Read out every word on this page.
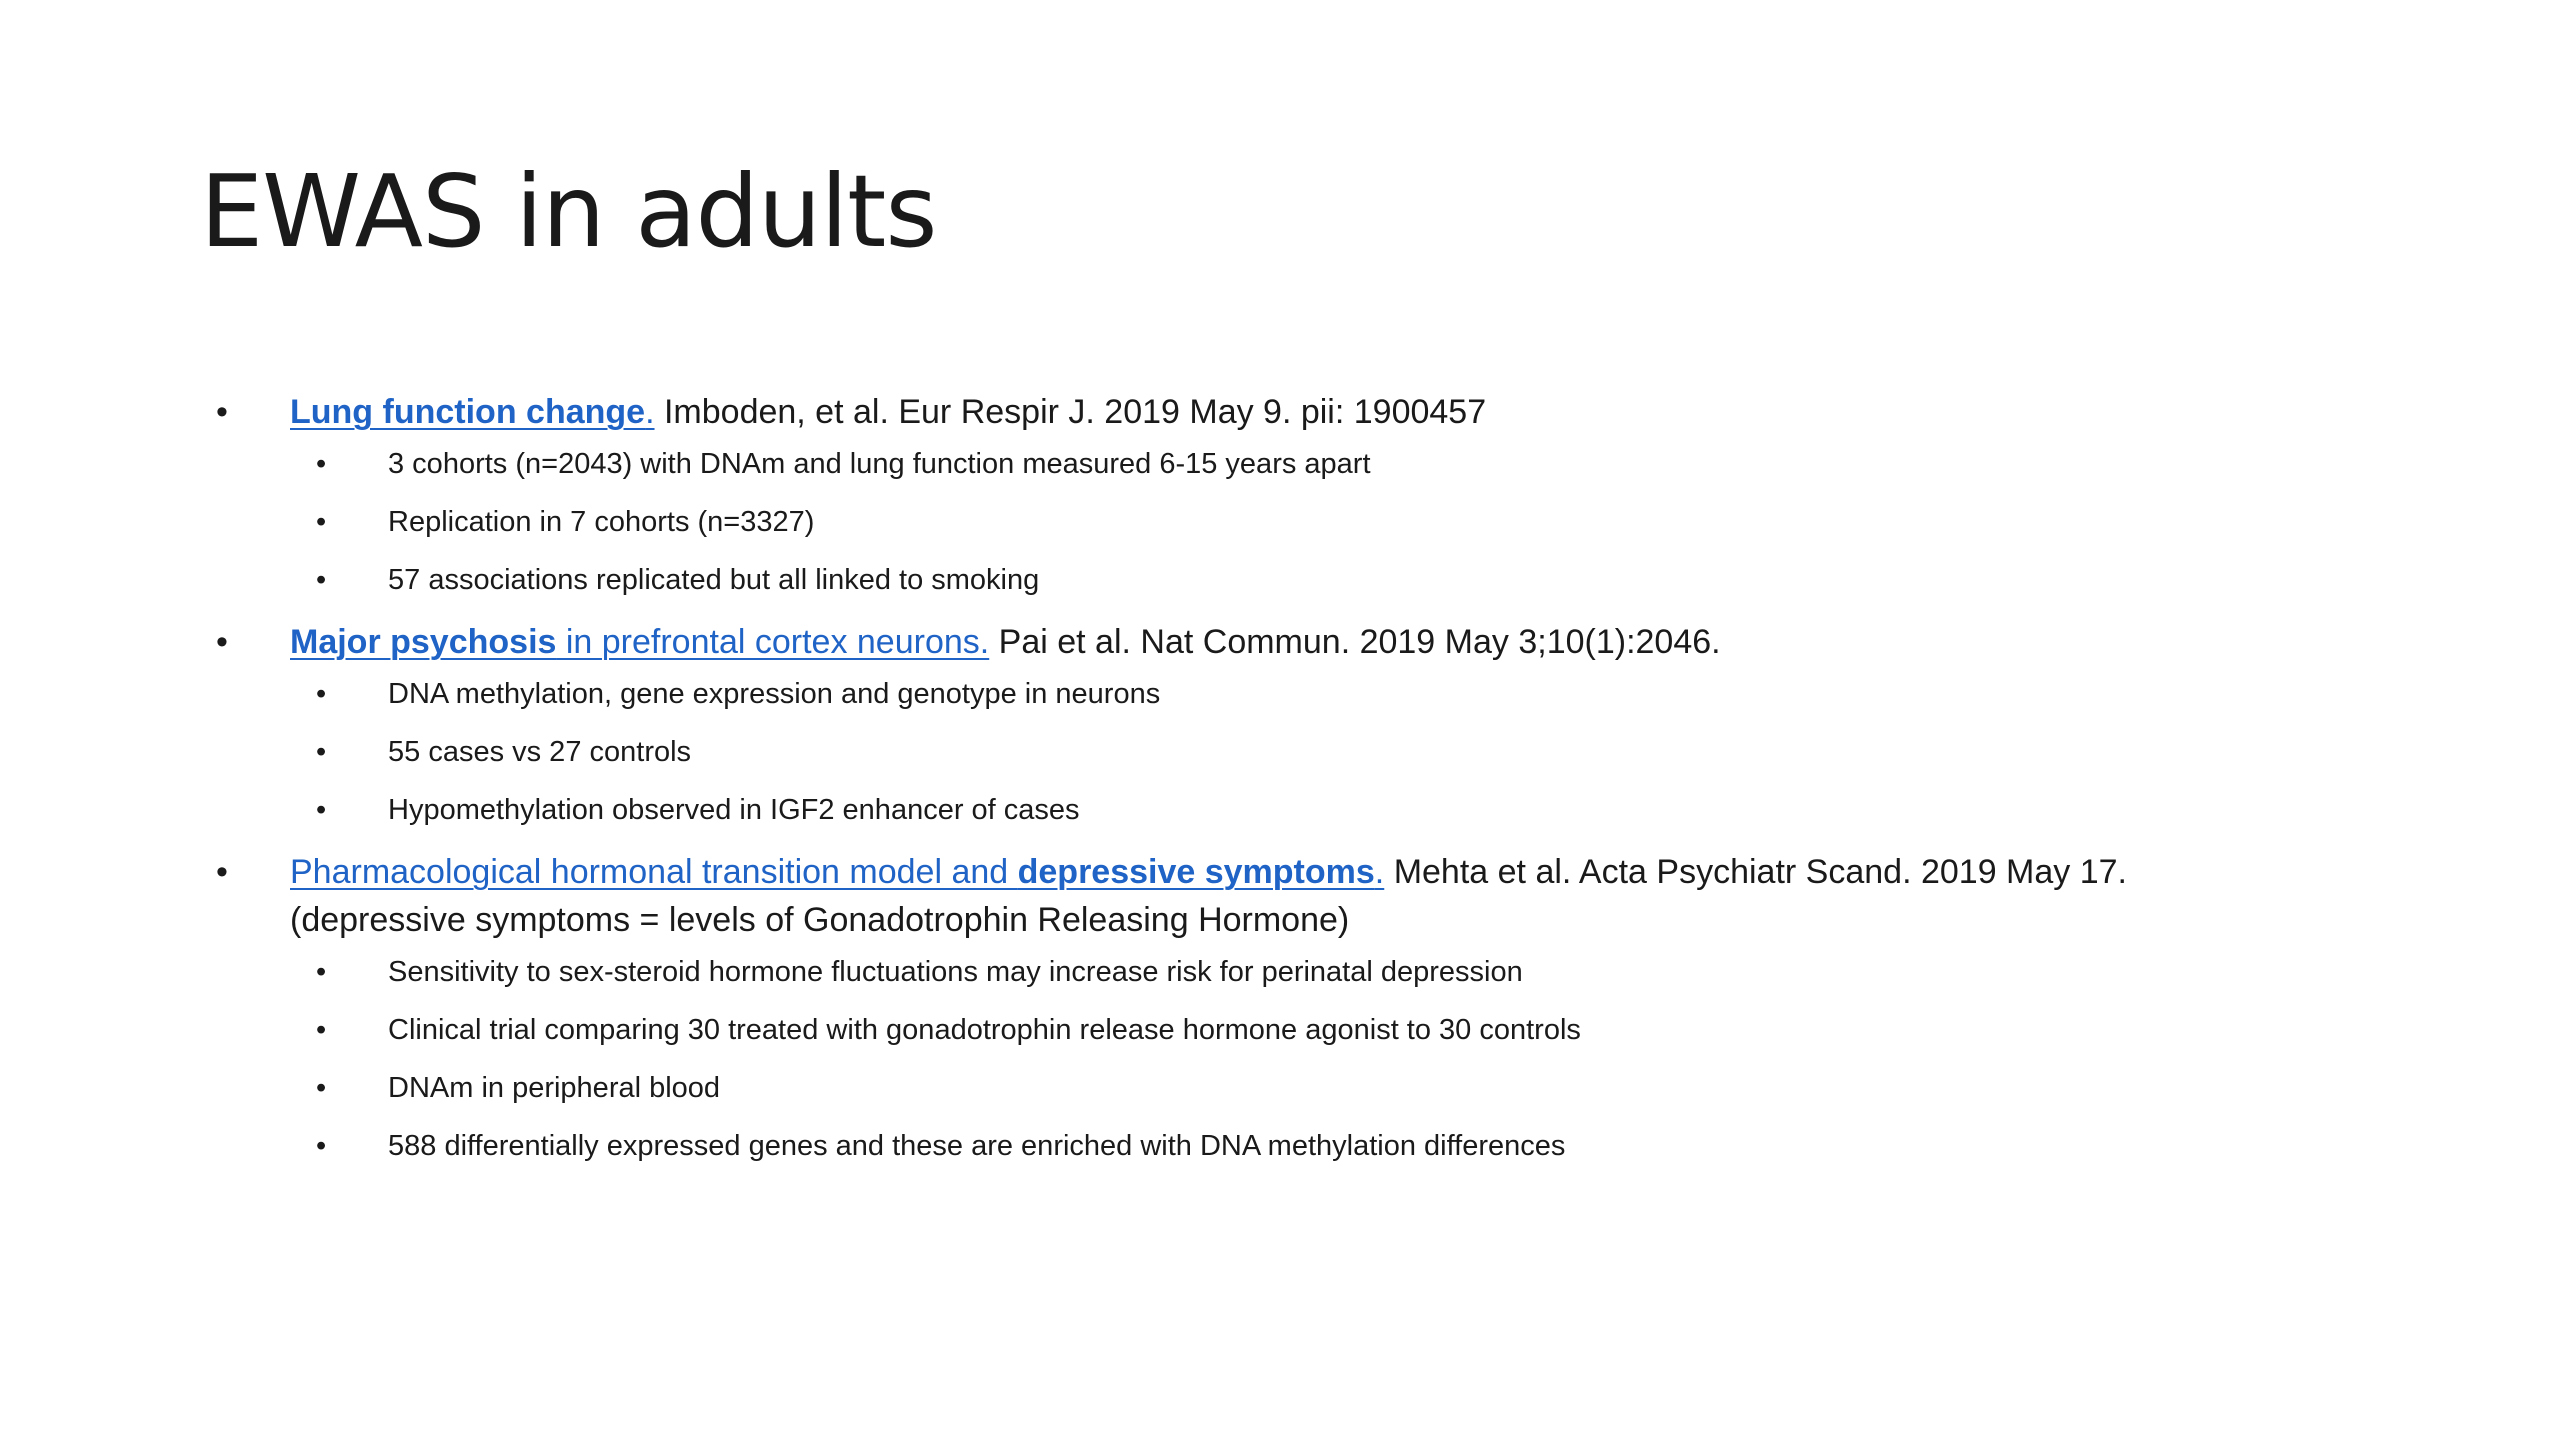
EWAS in adults
• Lung function change. Imboden, et al. Eur Respir J. 2019 May 9. pii: 1900457
• 3 cohorts (n=2043) with DNAm and lung function measured 6-15 years apart
• Replication in 7 cohorts (n=3327)
• 57 associations replicated but all linked to smoking
• Major psychosis in prefrontal cortex neurons. Pai et al. Nat Commun. 2019 May 3;10(1):2046.
• DNA methylation, gene expression and genotype in neurons
• 55 cases vs 27 controls
• Hypomethylation observed in IGF2 enhancer of cases
• Pharmacological hormonal transition model and depressive symptoms. Mehta et al. Acta Psychiatr Scand. 2019 May 17.
(depressive symptoms = levels of Gonadotrophin Releasing Hormone)
• Sensitivity to sex-steroid hormone fluctuations may increase risk for perinatal depression
• Clinical trial comparing 30 treated with gonadotrophin release hormone agonist to 30 controls
• DNAm in peripheral blood
• 588 differentially expressed genes and these are enriched with DNA methylation differences
